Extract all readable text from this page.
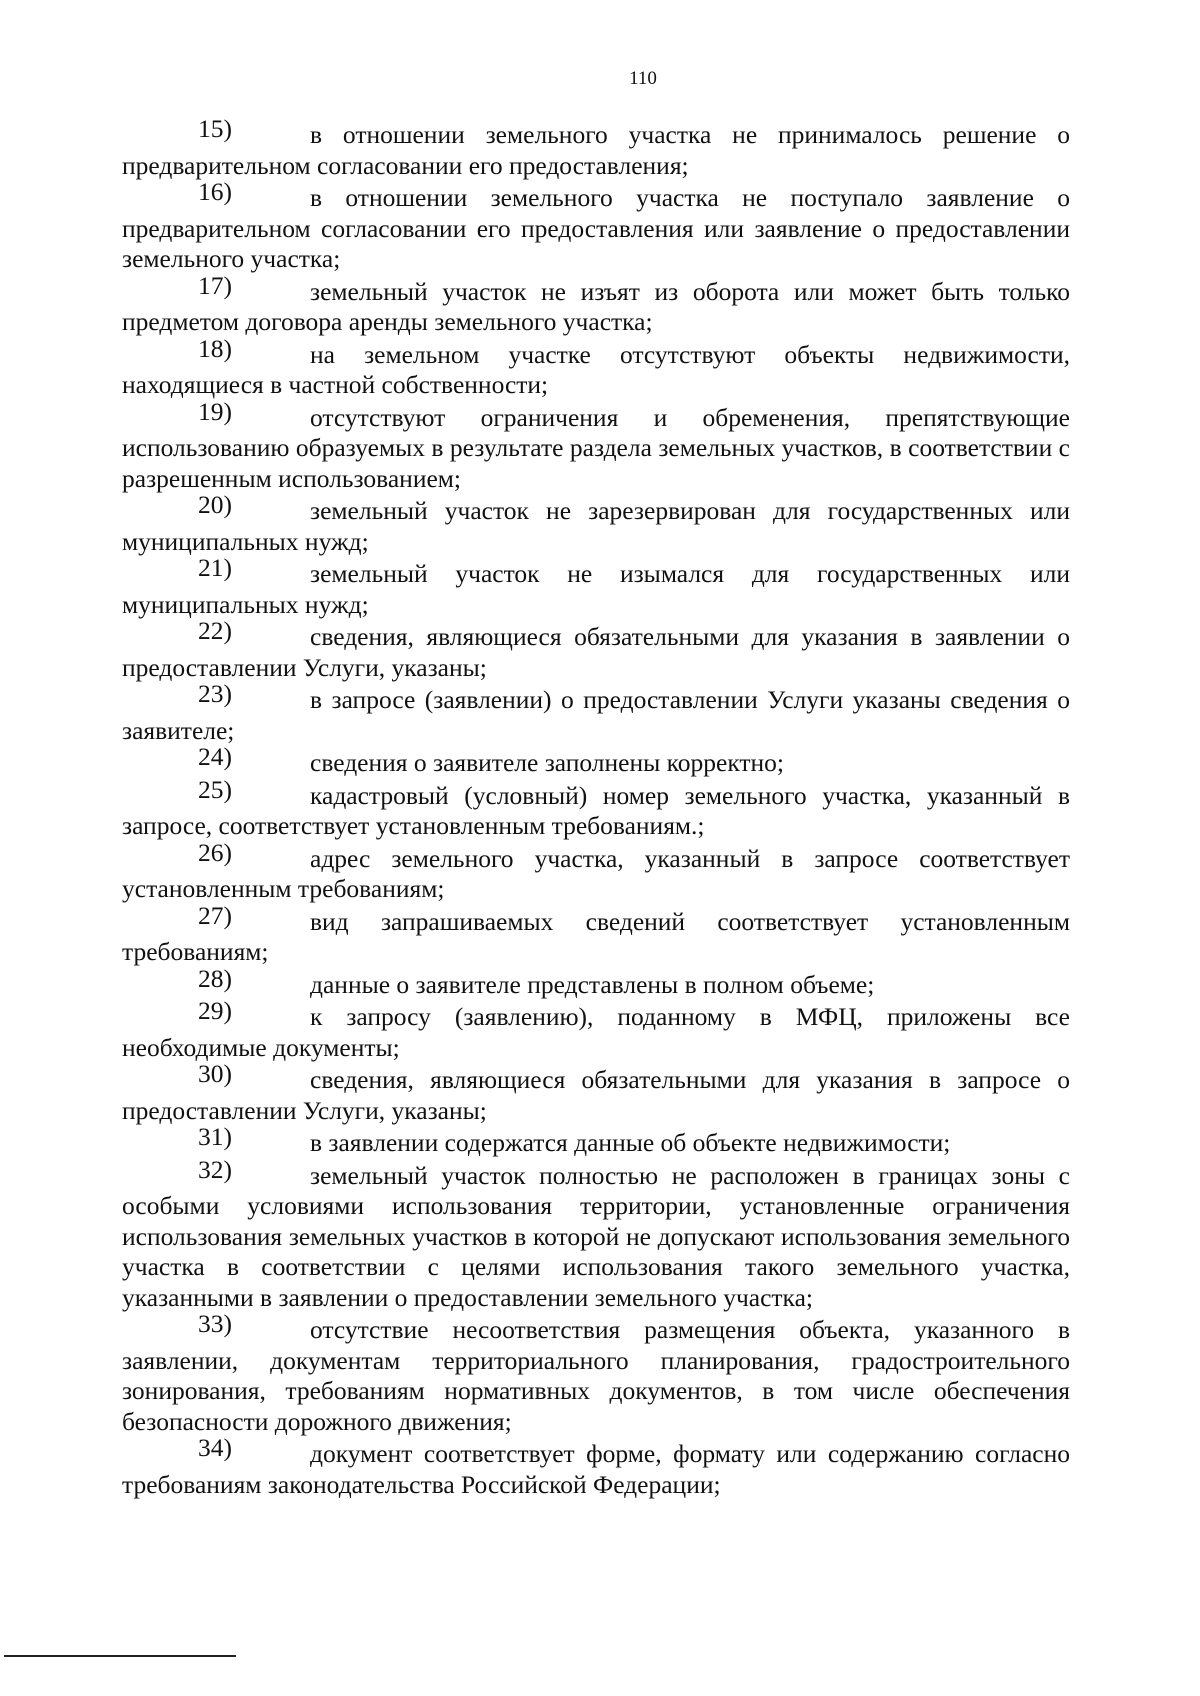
110
15)	в отношении земельного участка не принималось решение о предварительном согласовании его предоставления;

16)	в отношении земельного участка не поступало заявление о предварительном согласовании его предоставления или заявление о предоставлении земельного участка;

17)	земельный участок не изъят из оборота или может быть только предметом договора аренды земельного участка;

18)	на земельном участке отсутствуют объекты недвижимости, находящиеся в частной собственности;

19)	отсутствуют ограничения и обременения, препятствующие использованию образуемых в результате раздела земельных участков, в соответствии с разрешенным использованием;

20)	земельный участок не зарезервирован для государственных или муниципальных нужд;

21)	земельный участок не изымался для государственных или муниципальных нужд;

22)	сведения, являющиеся обязательными для указания в заявлении о предоставлении Услуги, указаны;

23)	в запросе (заявлении) о предоставлении Услуги указаны сведения о заявителе;

24)	сведения о заявителе заполнены корректно;

25)	кадастровый (условный) номер земельного участка, указанный в запросе, соответствует установленным требованиям.;

26)	адрес земельного участка, указанный в запросе соответствует установленным требованиям;

27)	вид запрашиваемых сведений соответствует установленным требованиям;

28)	данные о заявителе представлены в полном объеме;

29)	к запросу (заявлению), поданному в МФЦ, приложены все необходимые документы;

30)	сведения, являющиеся обязательными для указания в запросе о предоставлении Услуги, указаны;

31)	в заявлении содержатся данные об объекте недвижимости;

32)	земельный участок полностью не расположен в границах зоны с особыми условиями использования территории, установленные ограничения использования земельных участков в которой не допускают использования земельного участка в соответствии с целями использования такого земельного участка, указанными в заявлении о предоставлении земельного участка;

33)	отсутствие несоответствия размещения объекта, указанного в заявлении, документам территориального планирования, градостроительного зонирования, требованиям нормативных документов, в том числе обеспечения безопасности дорожного движения;

34)	документ соответствует форме, формату или содержанию согласно требованиям законодательства Российской Федерации;
